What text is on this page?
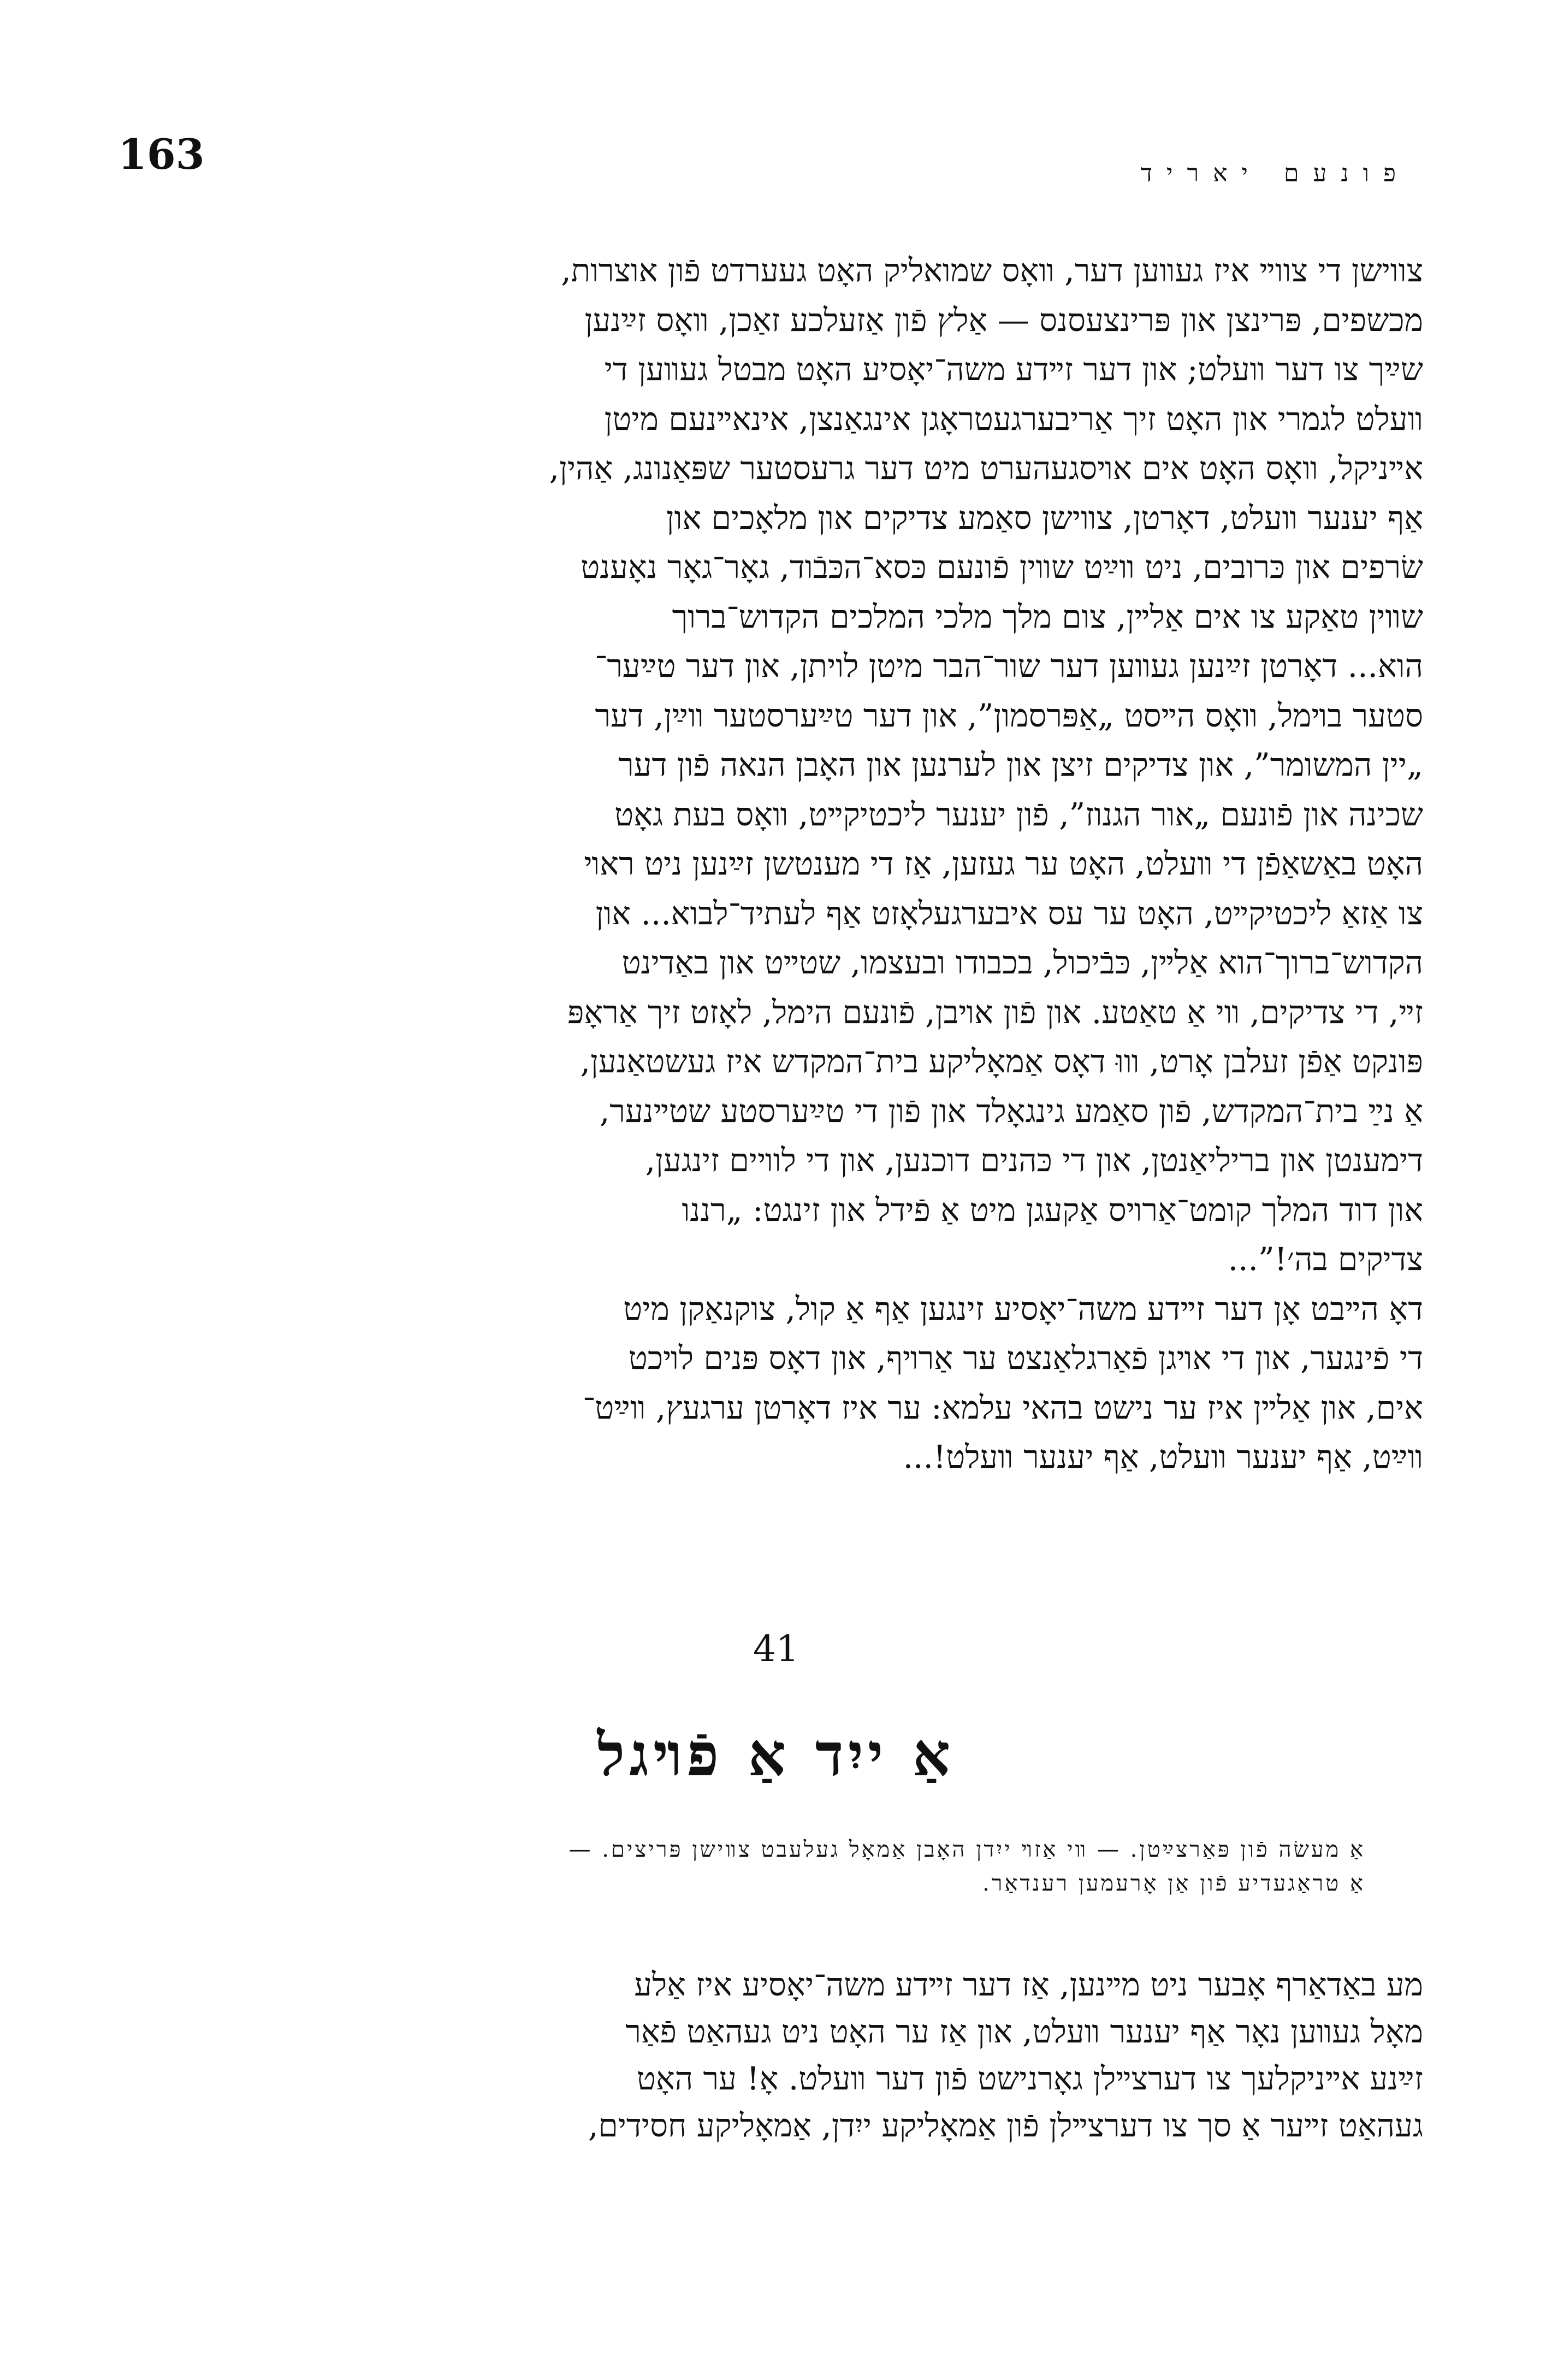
163	פונעם יאריד

צווישן די צווײ איז געװען דער, װאָס שמואליק האָט געערדט פֿון אוצרות,

מכשפים, פּרינצן און פּרינצעסנס — אַלץ פֿון אַזעלכע זאַכן, װאָס זײַנען

שײַך צו דער װעלט; און דער זײדע משה־יאָסיע האָט מבטל געװען די

װעלט לגמרי און האָט זיך אַריבערגעטראָגן אינגאַנצן, אינאײנעם מיטן

אײניקל, װאָס האָט אים אױסגעהערט מיט דער גרעסטער שפּאַנונג, אַהין,

אַף יענער װעלט, דאָרטן, צװישן סאַמע צדיקים און מלאָכים און

שׂרפים און כּרובים, ניט װײַט שװין פֿונעם כּסא־הכּבֿוד, גאָר־גאָר נאָענט

שװין טאַקע צו אים אַלײן, צום מלך מלכי המלכים הקדוש־ברוך

הוא... דאָרטן זײַנען געװען דער שור־הבר מיטן לויתן, און דער טײַער־

סטער בױמל, װאָס הײסט „אַפּרסמון”, און דער טײַערסטער װײַן, דער

„יין המשומר”, און צדיקים זיצן און לערנען און האָבן הנאה פֿון דער

שכינה און פֿונעם „אור הגנוז”, פֿון יענער ליכטיקײט, װאָס בעת גאָט

האָט באַשאַפֿן די װעלט, האָט ער געזען, אַז די מענטשן זײַנען ניט ראױ

צו אַזאַ ליכטיקײט, האָט ער עס איבערגעלאָזט אַף לעתיד־לבוא... און

הקדוש־ברוך־הוא אַלײן, כּבֿיכול, בכבודו ובעצמו, שטײט און באַדינט

זײ, די צדיקים, װי אַ טאַטע. און פֿון אױבן, פֿונעם הימל, לאָזט זיך אַראָפּ

פּונקט אַפֿן זעלבן אָרט, װוּ דאָס אַמאָליקע בית־המקדש איז געשטאַנען,

אַ נײַ בית־המקדש, פֿון סאַמע גינגאָלד און פֿון די טײַערסטע שטײנער,

דימענטן און בריליאַנטן, און די כּהנים דוכנען, און די לוױים זינגען,

און דוד המלך קומט־אַרױס אַקעגן מיט אַ פֿידל און זינגט: „רננו

צדיקים בה׳!”...

דאָ הײבט אָן דער זײדע משה־יאָסיע זינגען אַף אַ קול, צוקנאַקן מיט

די פֿינגער, און די אױגן פֿאַרגלאַנצט ער אַרױף, און דאָס פּנים לױכט

אים, און אַלײן איז ער נישט בהאי עלמא: ער איז דאָרטן ערגעץ, װײַט־

װײַט, אַף יענער װעלט, אַף יענער װעלט!...

41
אַ ייִד אַ פֿױגל
אַ מעשׂה פֿון פּאַרצײַטן. — װי אַזױ ייִדן האָבן אַמאָל געלעבט צװישן פּריצים. —
אַ טראַגעדיע פֿון אַן אָרעמען רענדאַר.

מע באַדאַרף אָבער ניט מײנען, אַז דער זײדע משה־יאָסיע איז אַלע

מאָל געװען נאָר אַף יענער װעלט, און אַז ער האָט ניט געהאַט פֿאַר

זײַנע אײניקלעך צו דערצײלן גאָרנישט פֿון דער װעלט. אָ! ער האָט

געהאַט זײער אַ סך צו דערצײלן פֿון אַמאָליקע ייִדן, אַמאָליקע חסידים,
